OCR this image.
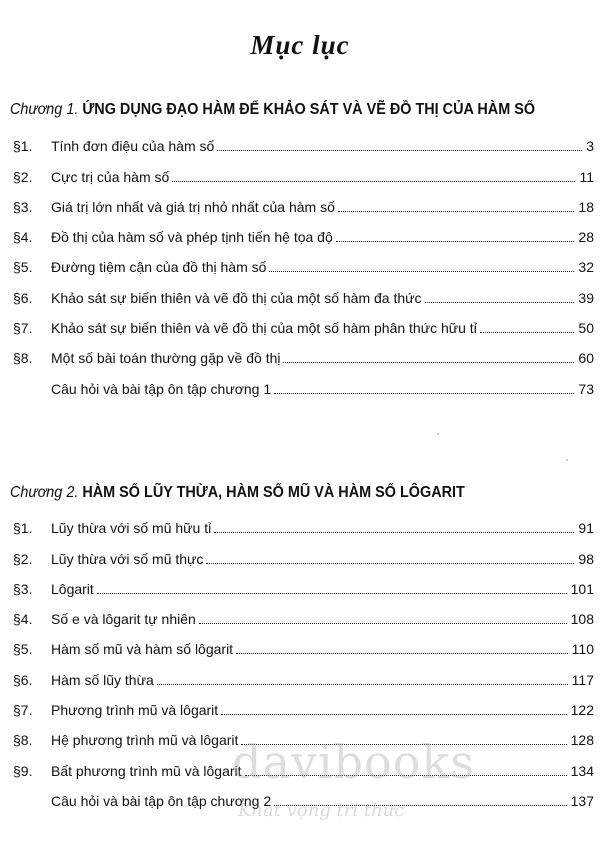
Mục lục
Chương 1. ỨNG DỤNG ĐẠO HÀM ĐỂ KHẢO SÁT VÀ VẼ ĐỒ THỊ CỦA HÀM SỐ
§1.	Tính đơn điệu của hàm số	3
§2.	Cực trị của hàm số	11
§3.	Giá trị lớn nhất và giá trị nhỏ nhất của hàm số	18
§4.	Đồ thị của hàm số và phép tịnh tiến hệ tọa độ	28
§5.	Đường tiệm cận của đồ thị hàm số	32
§6.	Khảo sát sự biến thiên và vẽ đồ thị của một số hàm đa thức	39
§7.	Khảo sát sự biến thiên và vẽ đồ thị của một số hàm phân thức hữu tỉ	50
§8.	Một số bài toán thường gặp về đồ thị	60
Câu hỏi và bài tập ôn tập chương 1	73
Chương 2. HÀM SỐ LŨY THỪA, HÀM SỐ MŨ VÀ HÀM SỐ LÔGARIT
§1.	Lũy thừa với số mũ hữu tỉ	91
§2.	Lũy thừa với số mũ thực	98
§3.	Lôgarit	101
§4.	Số e và lôgarit tự nhiên	108
§5.	Hàm số mũ và hàm số lôgarit	110
§6.	Hàm số lũy thừa	117
§7.	Phương trình mũ và lôgarit	122
§8.	Hệ phương trình mũ và lôgarit	128
§9.	Bất phương trình mũ và lôgarit	134
Câu hỏi và bài tập ôn tập chương 2	137
davibooks
Khát vọng tri thức
